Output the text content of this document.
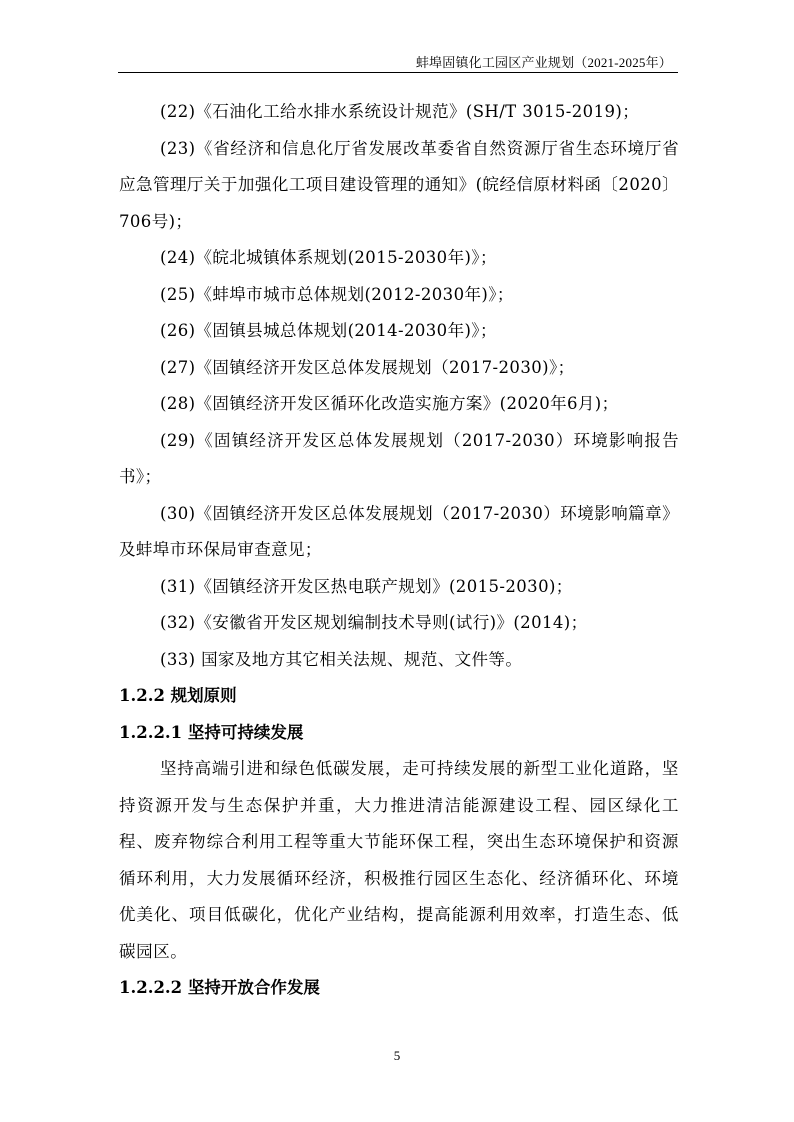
蚌埠固镇化工园区产业规划（2021-2025年）

(22)《石油化工给水排水系统设计规范》(SH/T 3015-2019)；

(23)《省经济和信息化厅省发展改革委省自然资源厅省生态环境厅省应急管理厅关于加强化工项目建设管理的通知》(皖经信原材料函〔2020〕706号)；

(24)《皖北城镇体系规划(2015-2030年)》；

(25)《蚌埠市城市总体规划(2012-2030年)》；

(26)《固镇县城总体规划(2014-2030年)》；

(27)《固镇经济开发区总体发展规划（2017-2030)》；

(28)《固镇经济开发区循环化改造实施方案》(2020年6月)；

(29)《固镇经济开发区总体发展规划（2017-2030）环境影响报告书》；

(30)《固镇经济开发区总体发展规划（2017-2030）环境影响篇章》及蚌埠市环保局审查意见；

(31)《固镇经济开发区热电联产规划》(2015-2030)；

(32)《安徽省开发区规划编制技术导则(试行)》(2014)；

(33) 国家及地方其它相关法规、规范、文件等。

1.2.2 规划原则
1.2.2.1 坚持可持续发展

坚持高端引进和绿色低碳发展，走可持续发展的新型工业化道路，坚持资源开发与生态保护并重，大力推进清洁能源建设工程、园区绿化工程、废弃物综合利用工程等重大节能环保工程，突出生态环境保护和资源循环利用，大力发展循环经济，积极推行园区生态化、经济循环化、环境优美化、项目低碳化，优化产业结构，提高能源利用效率，打造生态、低碳园区。

1.2.2.2 坚持开放合作发展
5
